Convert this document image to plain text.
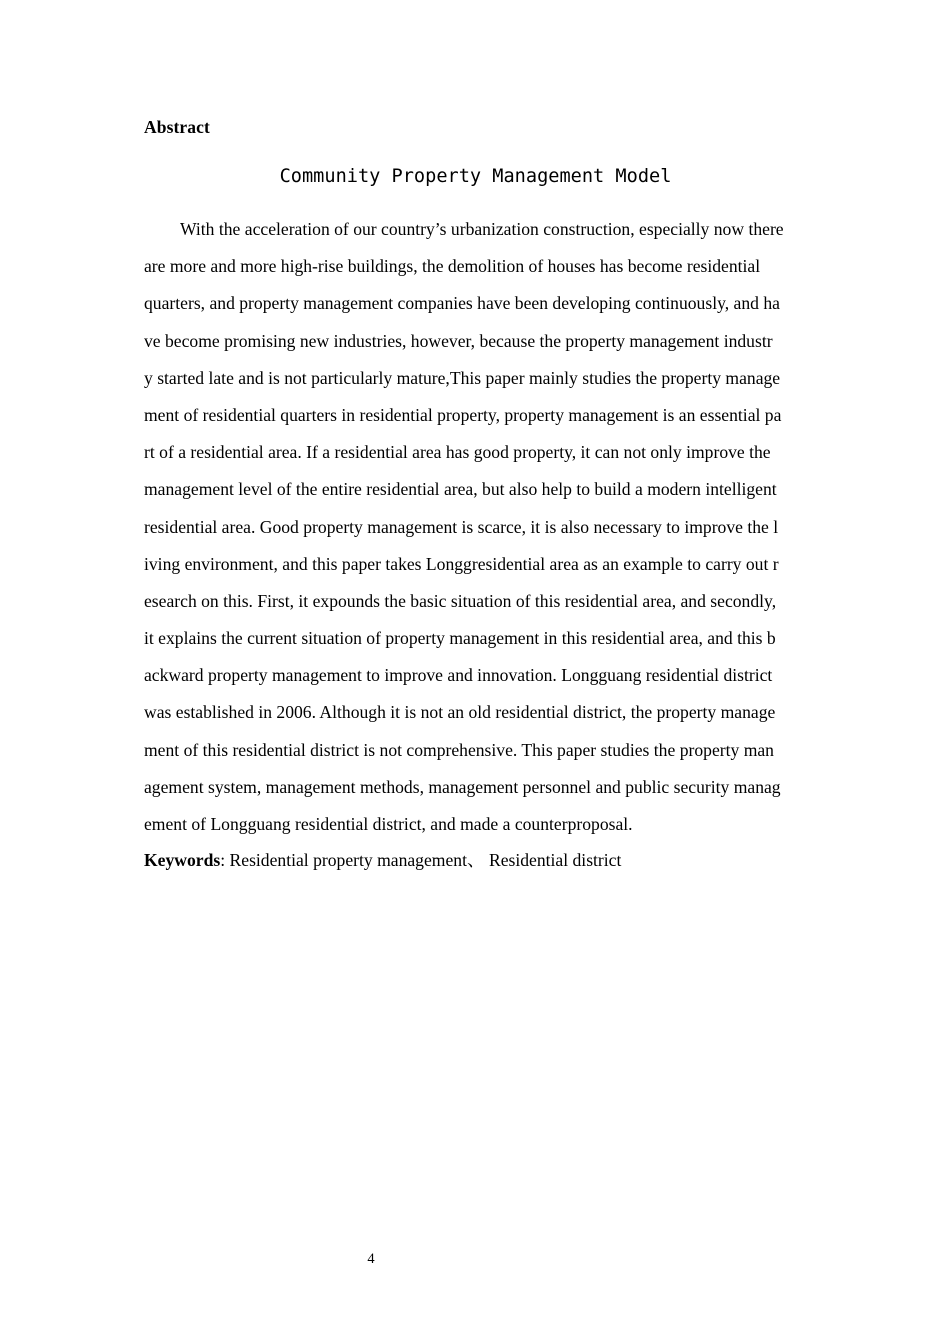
Abstract
Community Property Management Model
With the acceleration of our country’s urbanization construction, especially now there
are more and more high-rise buildings, the demolition of houses has become residential
quarters, and property management companies have been developing continuously, and ha
ve become promising new industries, however, because the property management industr
y started late and is not particularly mature,This paper mainly studies the property manage
ment of residential quarters in residential property, property management is an essential pa
rt of a residential area. If a residential area has good property, it can not only improve the
management level of the entire residential area, but also help to build a modern intelligent
residential area. Good property management is scarce, it is also necessary to improve the l
iving environment, and this paper takes Longgresidential area as an example to carry out r
esearch on this. First, it expounds the basic situation of this residential area, and secondly,
it explains the current situation of property management in this residential area, and this b
ackward property management to improve and innovation. Longguang residential district
was established in 2006. Although it is not an old residential district, the property manage
ment of this residential district is not comprehensive. This paper studies the property man
agement system, management methods, management personnel and public security manag
ement of Longguang residential district, and made a counterproposal.
Keywords: Residential property management、 Residential district
4
